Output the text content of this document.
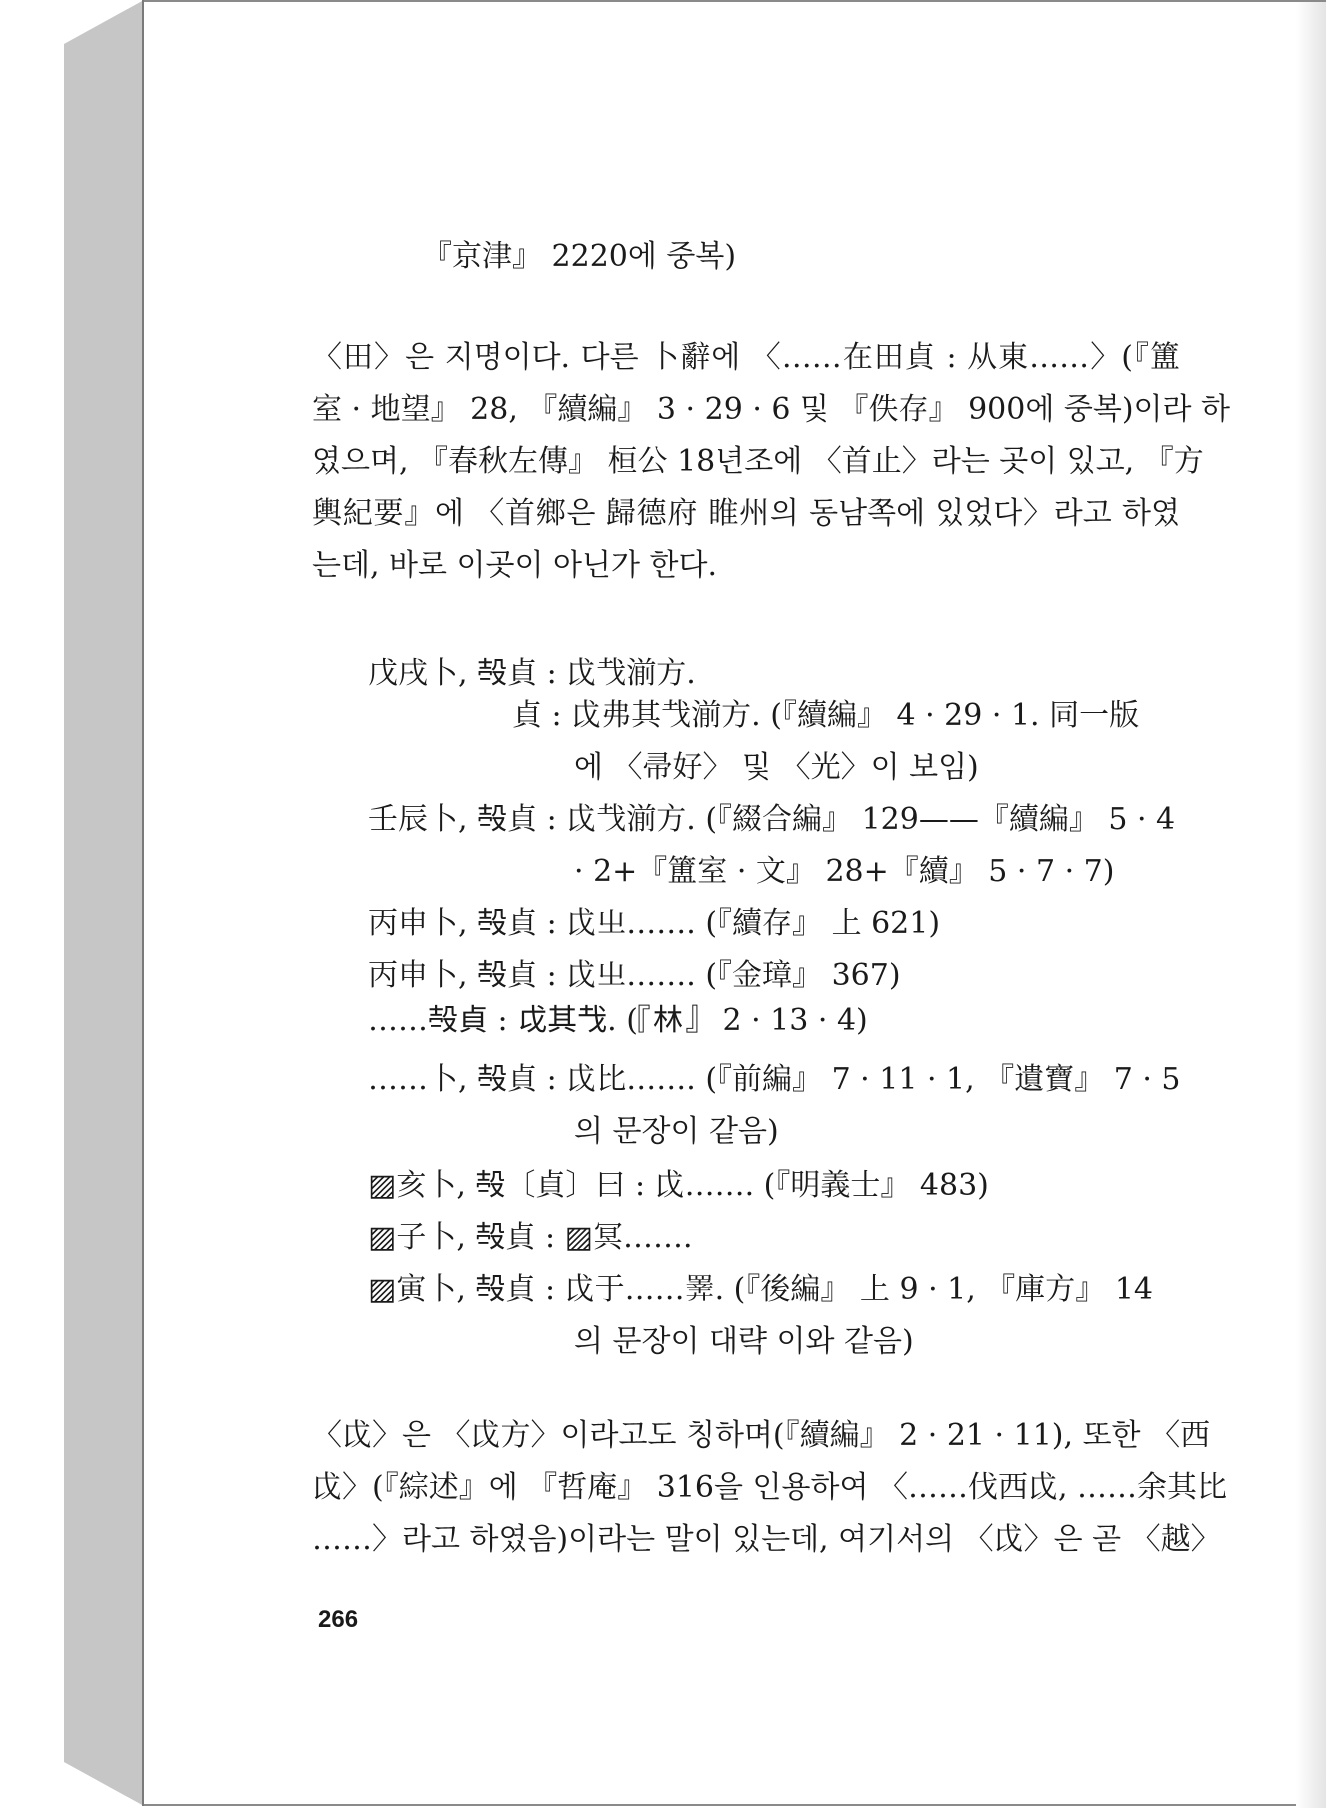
『京津』 2220에 중복)
〈⽥〉은 지명이다. 다른 卜辭에 〈……在⽥貞 : 从東……〉(『簠
室 · 地望』 28, 『續編』 3 · 29 · 6 및 『佚存』 900에 중복)이라 하
였으며, 『春秋左傳』 桓公 18년조에 〈首止〉라는 곳이 있고, 『方
輿紀要』에 〈首鄉은 歸德府 睢州의 동남쪽에 있었다〉라고 하였
는데, 바로 이곳이 아닌가 한다.
戊戌卜, 𣪊貞 : 戉𢦏湔方.
貞 : 戉弗其𢦏湔方. (『續編』 4 · 29 · 1. 同一版
에 〈帚好〉 및 〈光〉이 보임)
壬辰卜, 𣪊貞 : 戉𢦏湔方. (『綴合編』 129——『續編』 5 · 4
· 2+『簠室 · 文』 28+『續』 5 · 7 · 7)
丙申卜, 𣪊貞 : 戉㞢……. (『續存』 上 621)
丙申卜, 𣪊貞 : 戉㞢……. (『金璋』 367)
……𣪊貞 : 戉其𢦏. (『林』 2 · 13 · 4)
……卜, 𣪊貞 : 戉比……. (『前編』 7 · 11 · 1, 『遺寶』 7 · 5
의 문장이 같음)
▨亥卜, 𣪊〔貞〕曰 : 戉……. (『明義士』 483)
▨子卜, 𣪊貞 : ▨冥…….
▨寅卜, 𣪊貞 : 戉于……𢍰. (『後編』 上 9 · 1, 『庫方』 14
의 문장이 대략 이와 같음)
〈戉〉은 〈戉方〉이라고도 칭하며(『續編』 2 · 21 · 11), 또한 〈西
戉〉(『綜述』에 『哲庵』 316을 인용하여 〈……伐西戉, ……余其比
……〉라고 하였음)이라는 말이 있는데, 여기서의 〈戉〉은 곧 〈越〉
266
